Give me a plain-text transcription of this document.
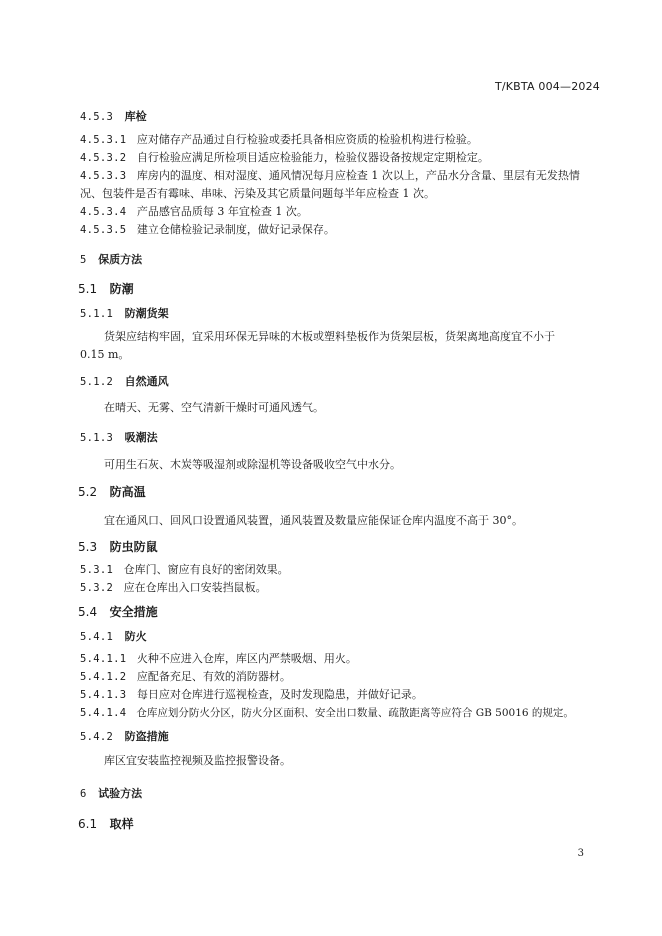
T/KBTA 004—2024
4.5.3 库检
4.5.3.1 应对储存产品通过自行检验或委托具备相应资质的检验机构进行检验。
4.5.3.2 自行检验应满足所检项目适应检验能力，检验仪器设备按规定定期检定。
4.5.3.3 库房内的温度、相对湿度、通风情况每月应检查 1 次以上，产品水分含量、里层有无发热情
况、包装件是否有霉味、串味、污染及其它质量问题每半年应检查 1 次。
4.5.3.4 产品感官品质每 3 年宜检查 1 次。
4.5.3.5 建立仓储检验记录制度，做好记录保存。
5 保质方法
5.1 防潮
5.1.1 防潮货架
货架应结构牢固，宜采用环保无异味的木板或塑料垫板作为货架层板，货架离地高度宜不小于
0.15 m。
5.1.2 自然通风
在晴天、无雾、空气清新干燥时可通风透气。
5.1.3 吸潮法
可用生石灰、木炭等吸湿剂或除湿机等设备吸收空气中水分。
5.2 防高温
宜在通风口、回风口设置通风装置，通风装置及数量应能保证仓库内温度不高于 30°。
5.3 防虫防鼠
5.3.1 仓库门、窗应有良好的密闭效果。
5.3.2 应在仓库出入口安装挡鼠板。
5.4 安全措施
5.4.1 防火
5.4.1.1 火种不应进入仓库，库区内严禁吸烟、用火。
5.4.1.2 应配备充足、有效的消防器材。
5.4.1.3 每日应对仓库进行巡视检查，及时发现隐患，并做好记录。
5.4.1.4 仓库应划分防火分区，防火分区面积、安全出口数量、疏散距离等应符合 GB 50016 的规定。
5.4.2 防盗措施
库区宜安装监控视频及监控报警设备。
6 试验方法
6.1 取样
3
